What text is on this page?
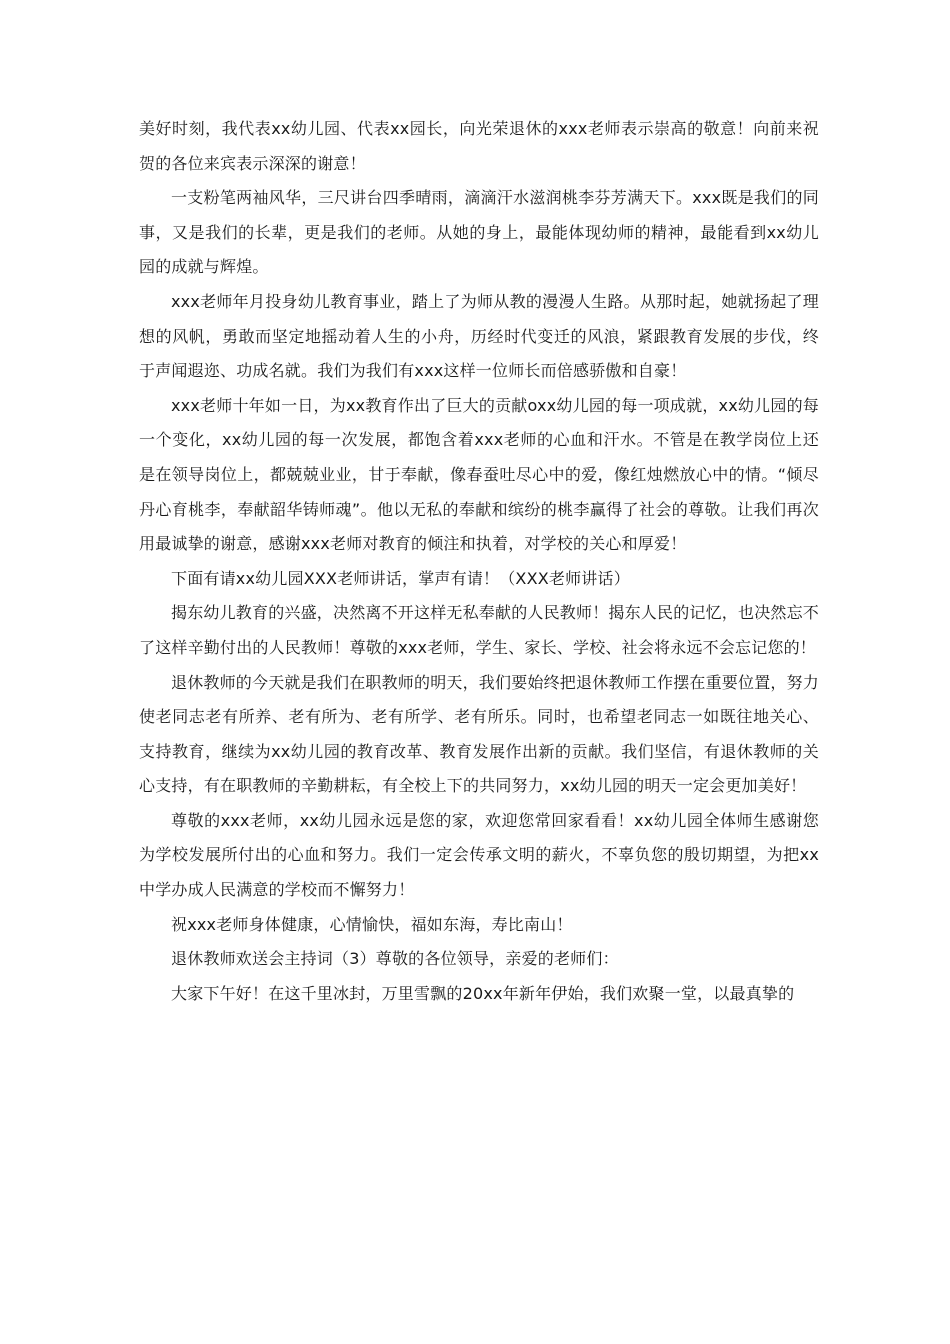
美好时刻，我代表xx幼儿园、代表xx园长，向光荣退休的xxx老师表示崇高的敬意！向前来祝贺的各位来宾表示深深的谢意！

一支粉笔两袖风华，三尺讲台四季晴雨，滴滴汗水滋润桃李芬芳满天下。xxx既是我们的同事，又是我们的长辈，更是我们的老师。从她的身上，最能体现幼师的精神，最能看到xx幼儿园的成就与辉煌。

xxx老师年月投身幼儿教育事业，踏上了为师从教的漫漫人生路。从那时起，她就扬起了理想的风帆，勇敢而坚定地摇动着人生的小舟，历经时代变迁的风浪，紧跟教育发展的步伐，终于声闻遐迩、功成名就。我们为我们有xxx这样一位师长而倍感骄傲和自豪！

xxx老师十年如一日，为xx教育作出了巨大的贡献oxx幼儿园的每一项成就，xx幼儿园的每一个变化，xx幼儿园的每一次发展，都饱含着xxx老师的心血和汗水。不管是在教学岗位上还是在领导岗位上，都兢兢业业，甘于奉献，像春蚕吐尽心中的爱，像红烛燃放心中的情。“倾尽丹心育桃李，奉献韶华铸师魂”。他以无私的奉献和缤纷的桃李赢得了社会的尊敬。让我们再次用最诚挚的谢意，感谢xxx老师对教育的倾注和执着，对学校的关心和厚爱！

下面有请xx幼儿园XXX老师讲话，掌声有请！（XXX老师讲话）

揭东幼儿教育的兴盛，决然离不开这样无私奉献的人民教师！揭东人民的记忆，也决然忘不了这样辛勤付出的人民教师！尊敬的xxx老师，学生、家长、学校、社会将永远不会忘记您的！

退休教师的今天就是我们在职教师的明天，我们要始终把退休教师工作摆在重要位置，努力使老同志老有所养、老有所为、老有所学、老有所乐。同时，也希望老同志一如既往地关心、支持教育，继续为xx幼儿园的教育改革、教育发展作出新的贡献。我们坚信，有退休教师的关心支持，有在职教师的辛勤耕耘，有全校上下的共同努力，xx幼儿园的明天一定会更加美好！

尊敬的xxx老师，xx幼儿园永远是您的家，欢迎您常回家看看！xx幼儿园全体师生感谢您为学校发展所付出的心血和努力。我们一定会传承文明的薪火，不辜负您的殷切期望，为把xx中学办成人民满意的学校而不懈努力！

祝xxx老师身体健康，心情愉快，福如东海，寿比南山！

退休教师欢送会主持词（3）尊敬的各位领导，亲爱的老师们：

大家下午好！在这千里冰封，万里雪飘的20xx年新年伊始，我们欢聚一堂，以最真挚的
